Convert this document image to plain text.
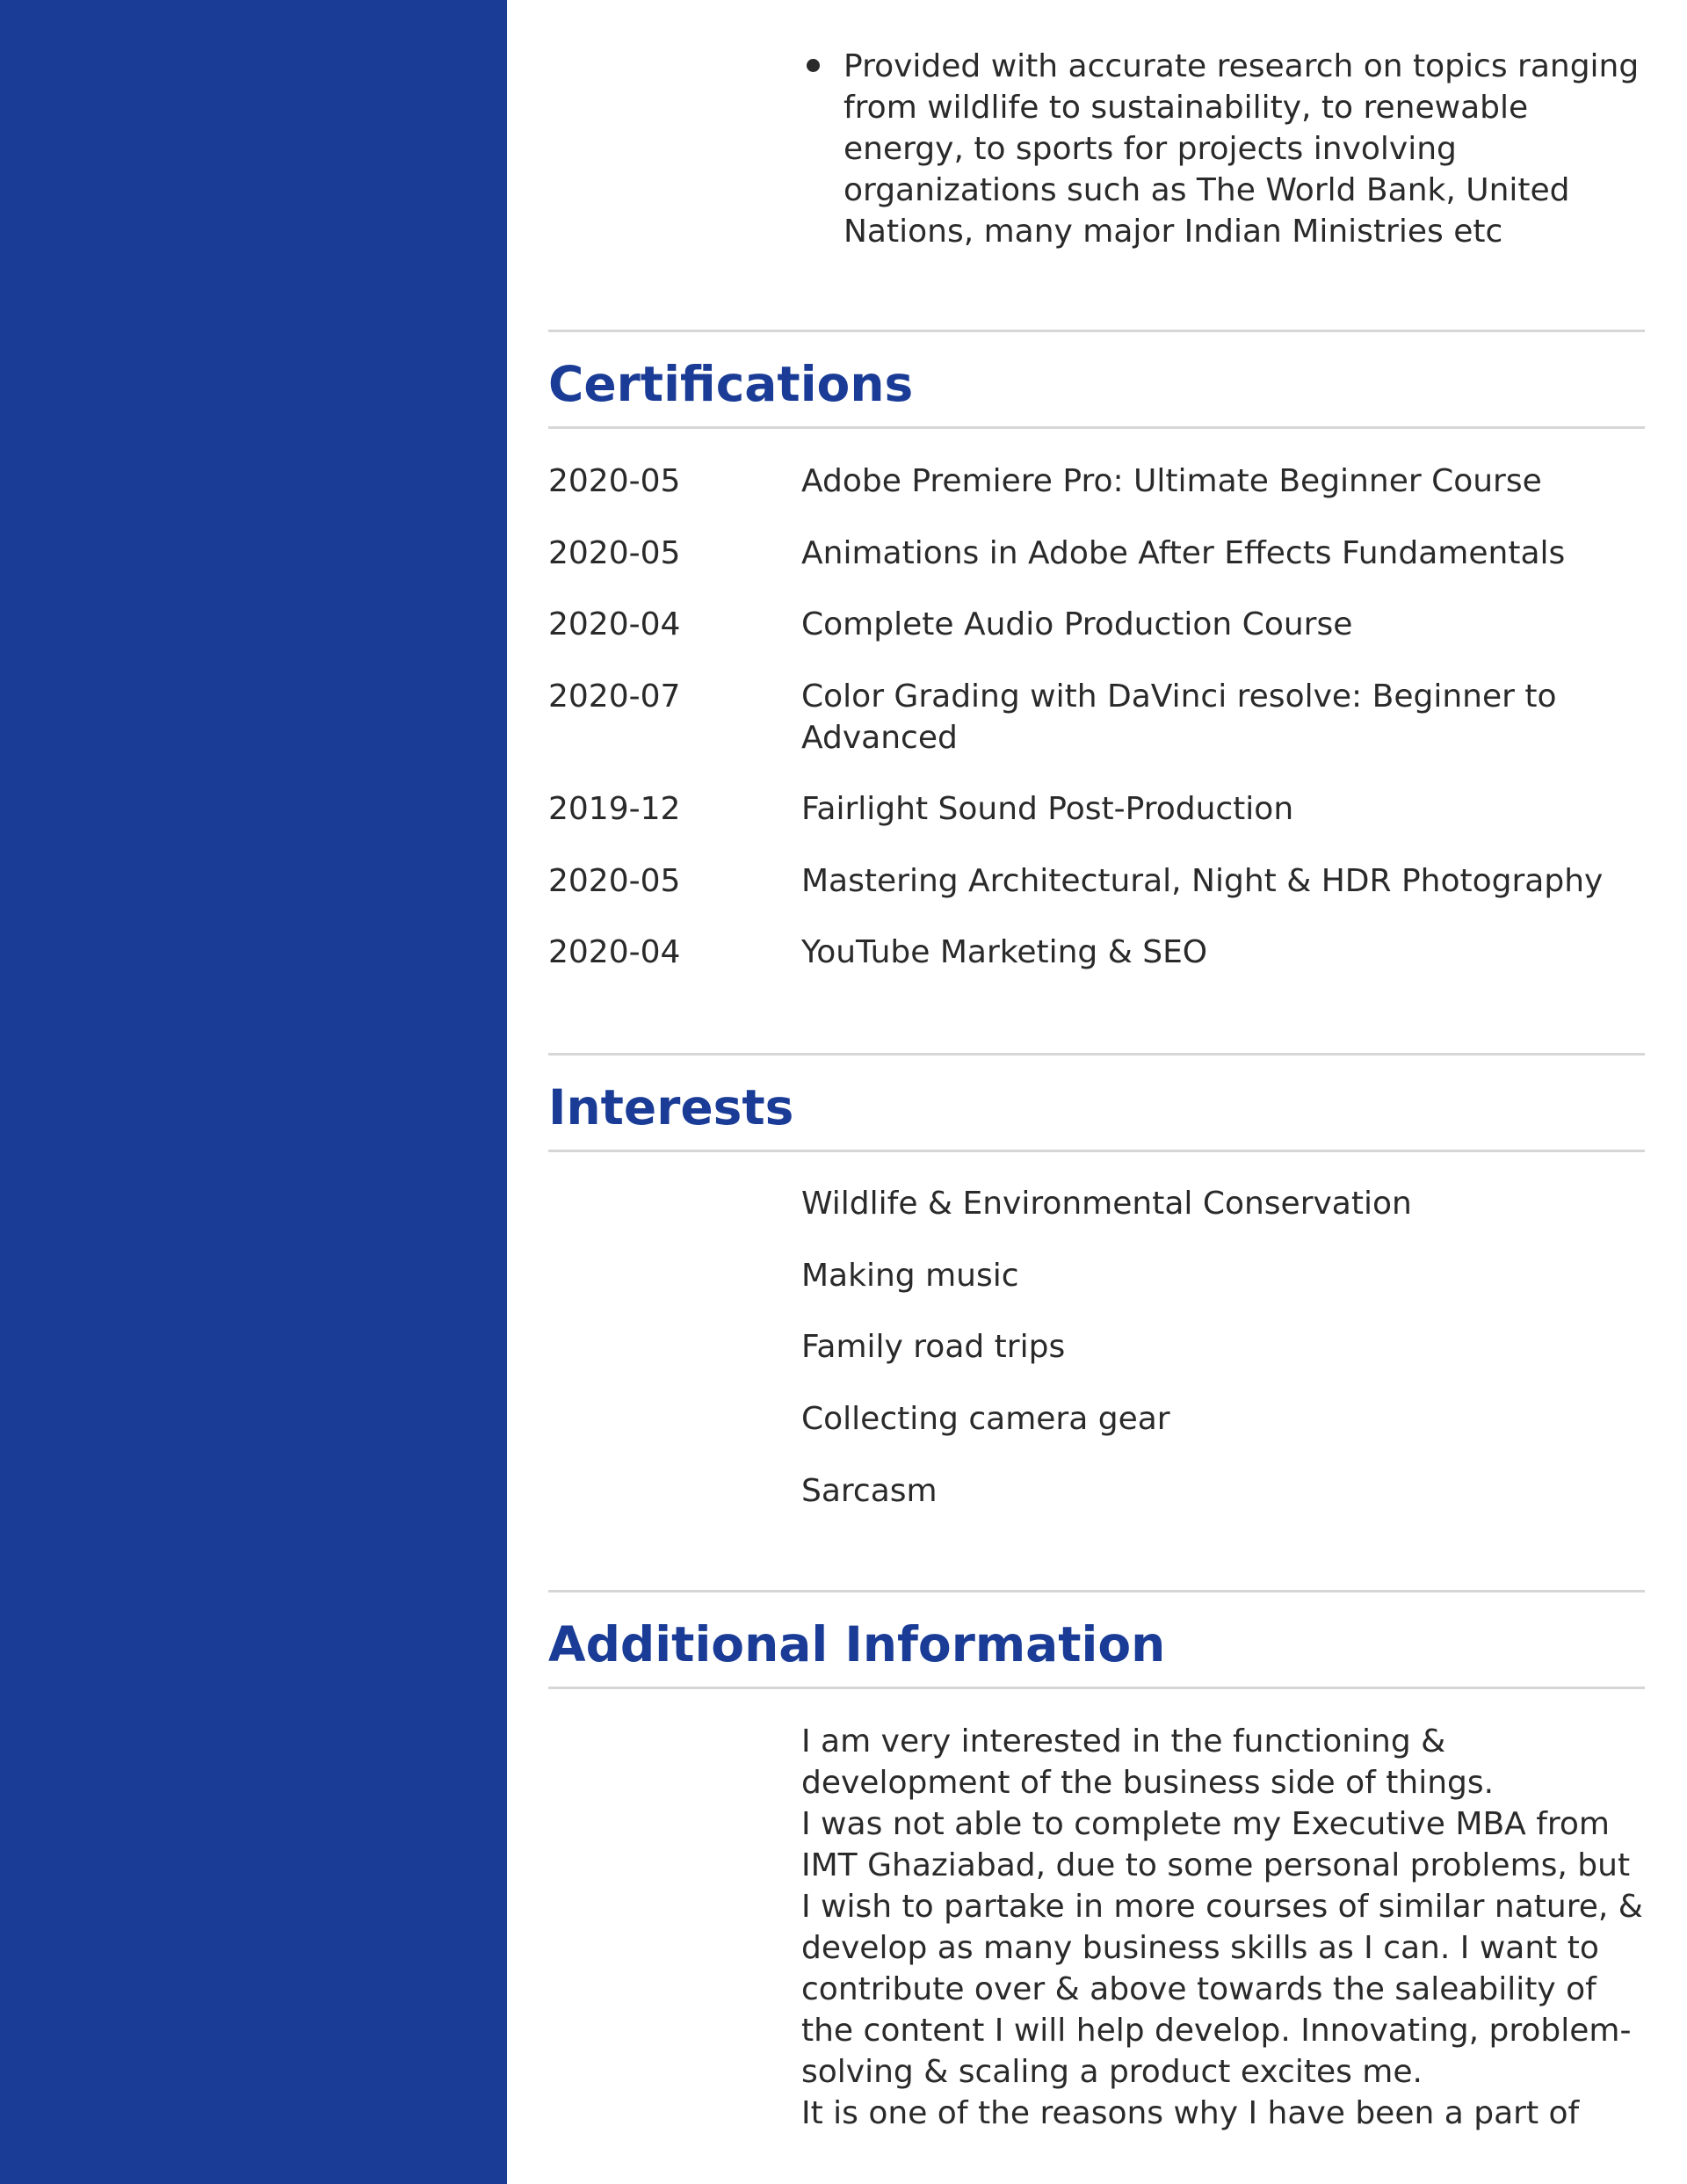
Provided with accurate research on topics ranging from wildlife to sustainability, to renewable energy, to sports for projects involving organizations such as The World Bank, United Nations, many major Indian Ministries etc
Certifications
2020-05	Adobe Premiere Pro: Ultimate Beginner Course
2020-05	Animations in Adobe After Effects Fundamentals
2020-04	Complete Audio Production Course
2020-07	Color Grading with DaVinci resolve: Beginner to Advanced
2019-12	Fairlight Sound Post-Production
2020-05	Mastering Architectural, Night & HDR Photography
2020-04	YouTube Marketing & SEO
Interests
Wildlife & Environmental Conservation
Making music
Family road trips
Collecting camera gear
Sarcasm
Additional Information

I am very interested in the functioning & development of the business side of things.

I was not able to complete my Executive MBA from IMT Ghaziabad, due to some personal problems, but I wish to partake in more courses of similar nature, & develop as many business skills as I can. I want to contribute over & above towards the saleability of the content I will help develop. Innovating, problem-solving & scaling a product excites me.

It is one of the reasons why I have been a part of
